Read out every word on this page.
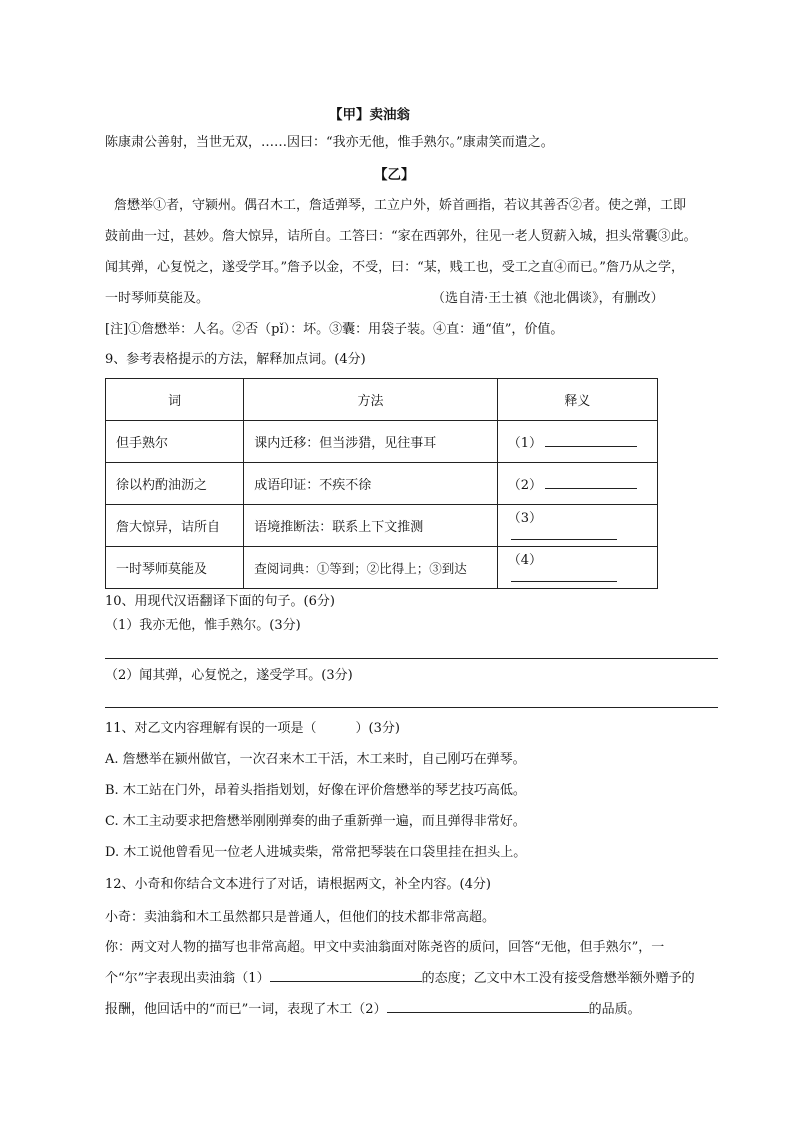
【甲】卖油翁
陈康肃公善射，当世无双，……因曰：“我亦无他，惟手熟尔。”康肃笑而遣之。
【乙】
詹懋举①者，守颍州。偶召木工，詹适弹琴，工立户外，娇首画指，若议其善否②者。使之弹，工即
鼓前曲一过，甚妙。詹大惊异，诘所自。工答曰：“家在西郭外，往见一老人贸薪入城，担头常囊③此。
闻其弹，心复悦之，遂受学耳。”詹予以金，不受，曰：“某，贱工也，受工之直④而已。”詹乃从之学，
一时琴师莫能及。	（选自清·王士禛《池北偶谈》，有删改）
[注]①詹懋举：人名。②否（pǐ）：坏。③囊：用袋子装。④直：通“值”，价值。
9、参考表格提示的方法，解释加点词。(4分)
词	方法	释义
但手熟尔	课内迁移：但当涉猎，见往事耳	（1）
徐以杓酌油沥之	成语印证：不疾不徐	（2）
詹大惊异，诘所自	语境推断法：联系上下文推测	（3）
一时琴师莫能及	查阅词典：①等到；②比得上；③到达	（4）
10、用现代汉语翻译下面的句子。(6分)
（1）我亦无他，惟手熟尔。(3分)
（2）闻其弹，心复悦之，遂受学耳。(3分)
11、对乙文内容理解有误的一项是（　　　）(3分)
A. 詹懋举在颍州做官，一次召来木工干活，木工来时，自己刚巧在弹琴。
B. 木工站在门外，昂着头指指划划，好像在评价詹懋举的琴艺技巧高低。
C. 木工主动要求把詹懋举刚刚弹奏的曲子重新弹一遍，而且弹得非常好。
D. 木工说他曾看见一位老人进城卖柴，常常把琴装在口袋里挂在担头上。
12、小奇和你结合文本进行了对话，请根据两文，补全内容。(4分)
小奇：卖油翁和木工虽然都只是普通人，但他们的技术都非常高超。
你：两文对人物的描写也非常高超。甲文中卖油翁面对陈尧咨的质问，回答“无他，但手熟尔”，一
个“尔”字表现出卖油翁（1）	的态度；乙文中木工没有接受詹懋举额外赠予的
报酬，他回话中的“而已”一词，表现了木工（2）	的品质。
